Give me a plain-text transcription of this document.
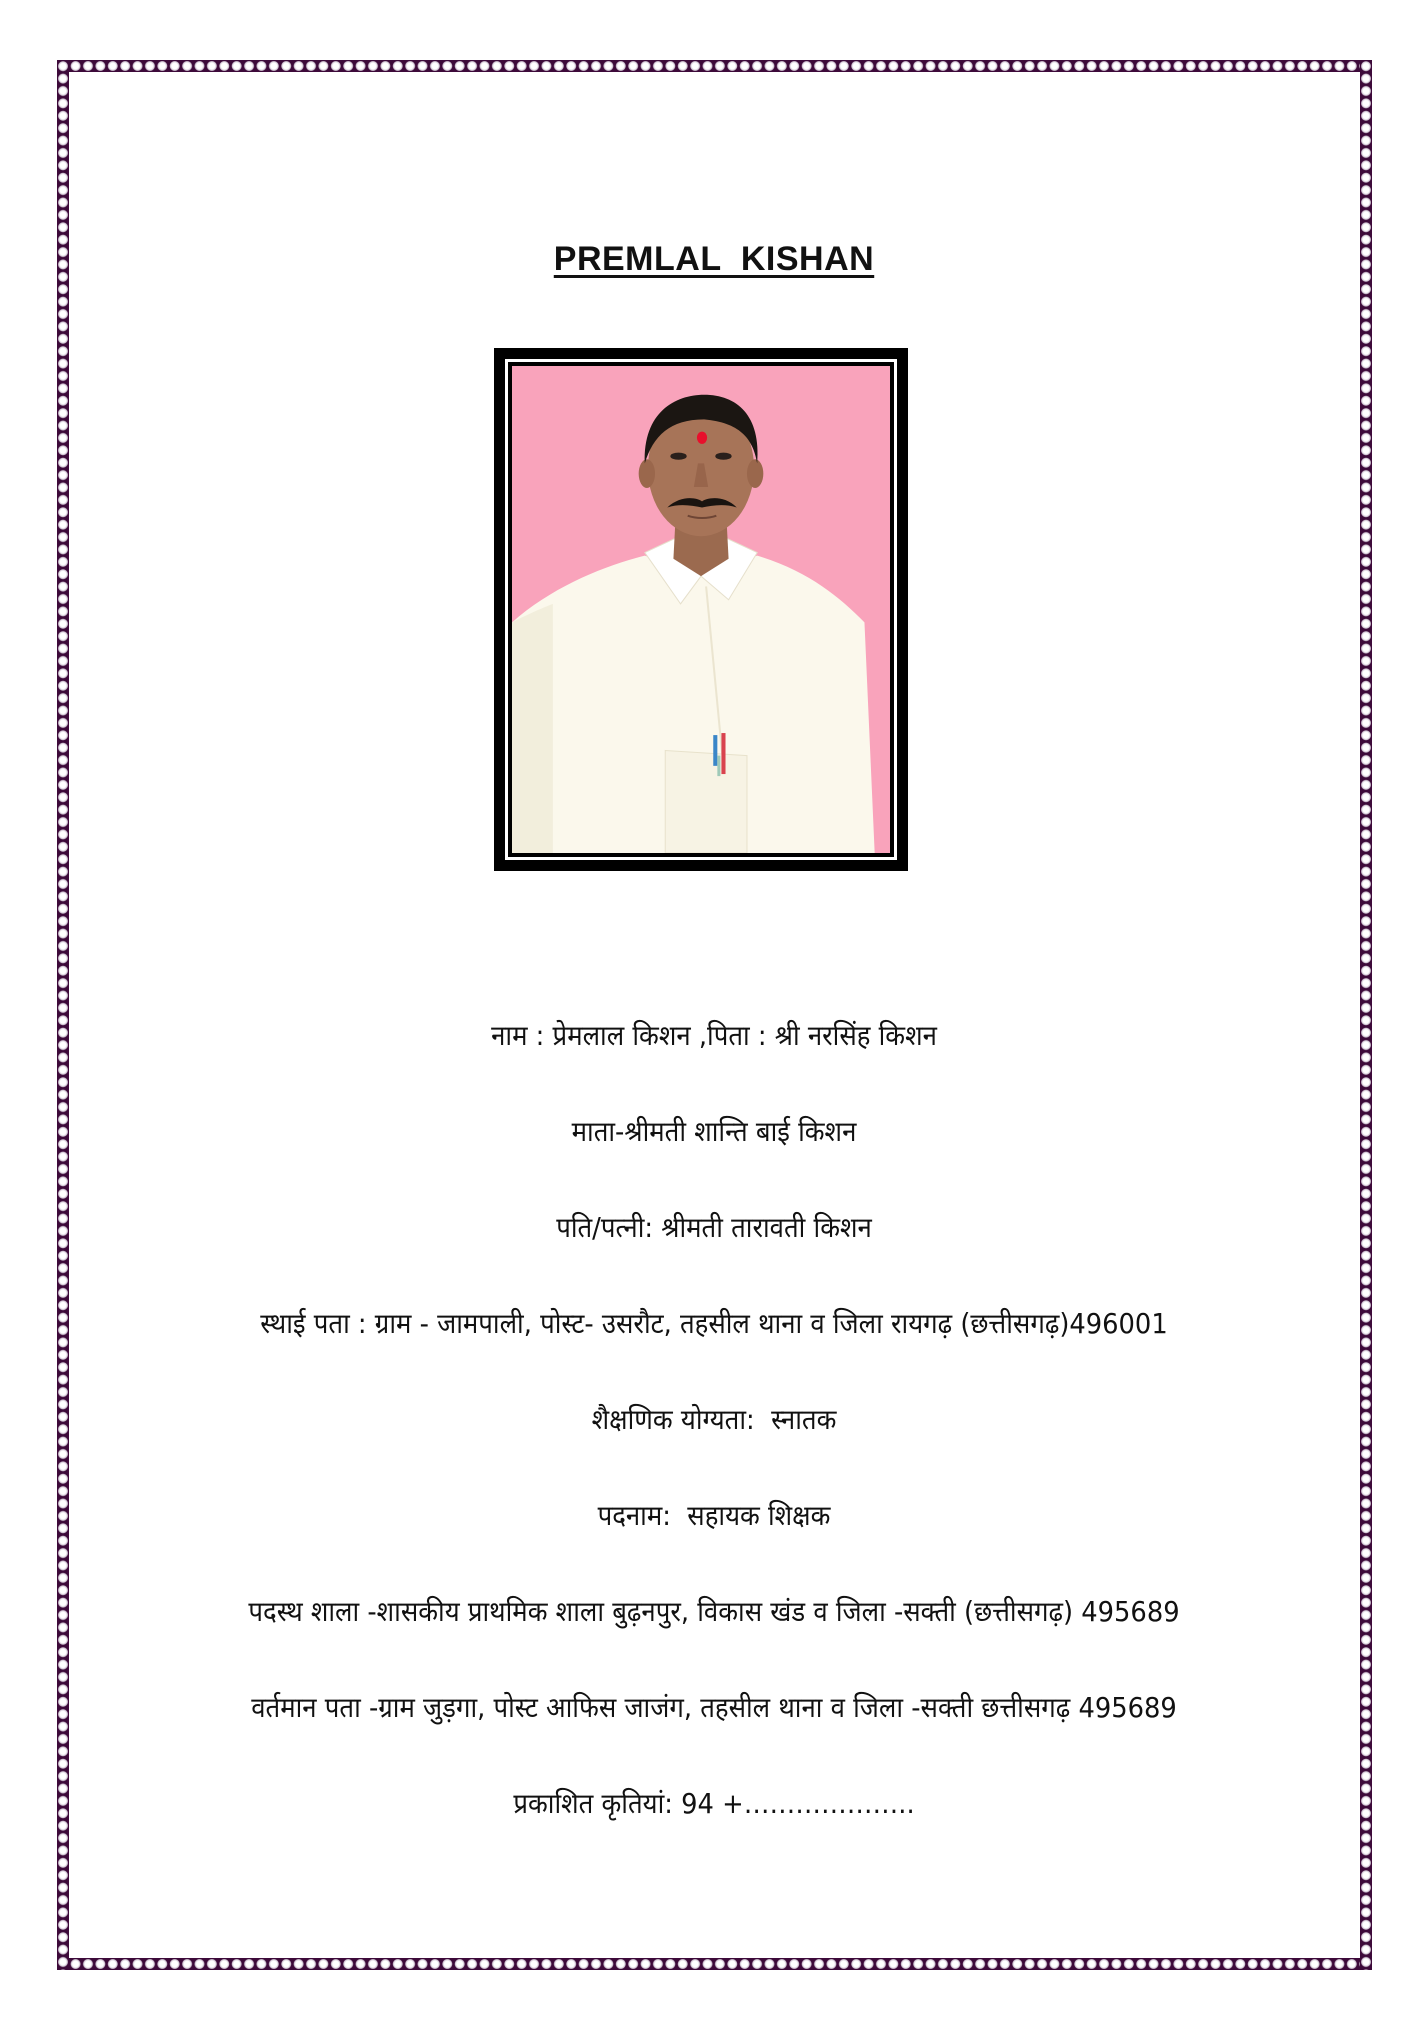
PREMLAL  KISHAN
नाम : प्रेमलाल किशन ,पिता : श्री नरसिंह किशन
माता-श्रीमती शान्ति बाई किशन
पति/पत्नी: श्रीमती तारावती किशन
स्थाई पता : ग्राम - जामपाली, पोस्ट- उसरौट, तहसील थाना व जिला रायगढ़ (छत्तीसगढ़)496001
शैक्षणिक योग्यता:  स्नातक
पदनाम:  सहायक शिक्षक
पदस्थ शाला -शासकीय प्राथमिक शाला बुढ़नपुर, विकास खंड व जिला -सक्ती (छत्तीसगढ़) 495689
वर्तमान पता -ग्राम जुड़गा, पोस्ट आफिस जाजंग, तहसील थाना व जिला -सक्ती छत्तीसगढ़ 495689
प्रकाशित कृतियां: 94 +………………..
